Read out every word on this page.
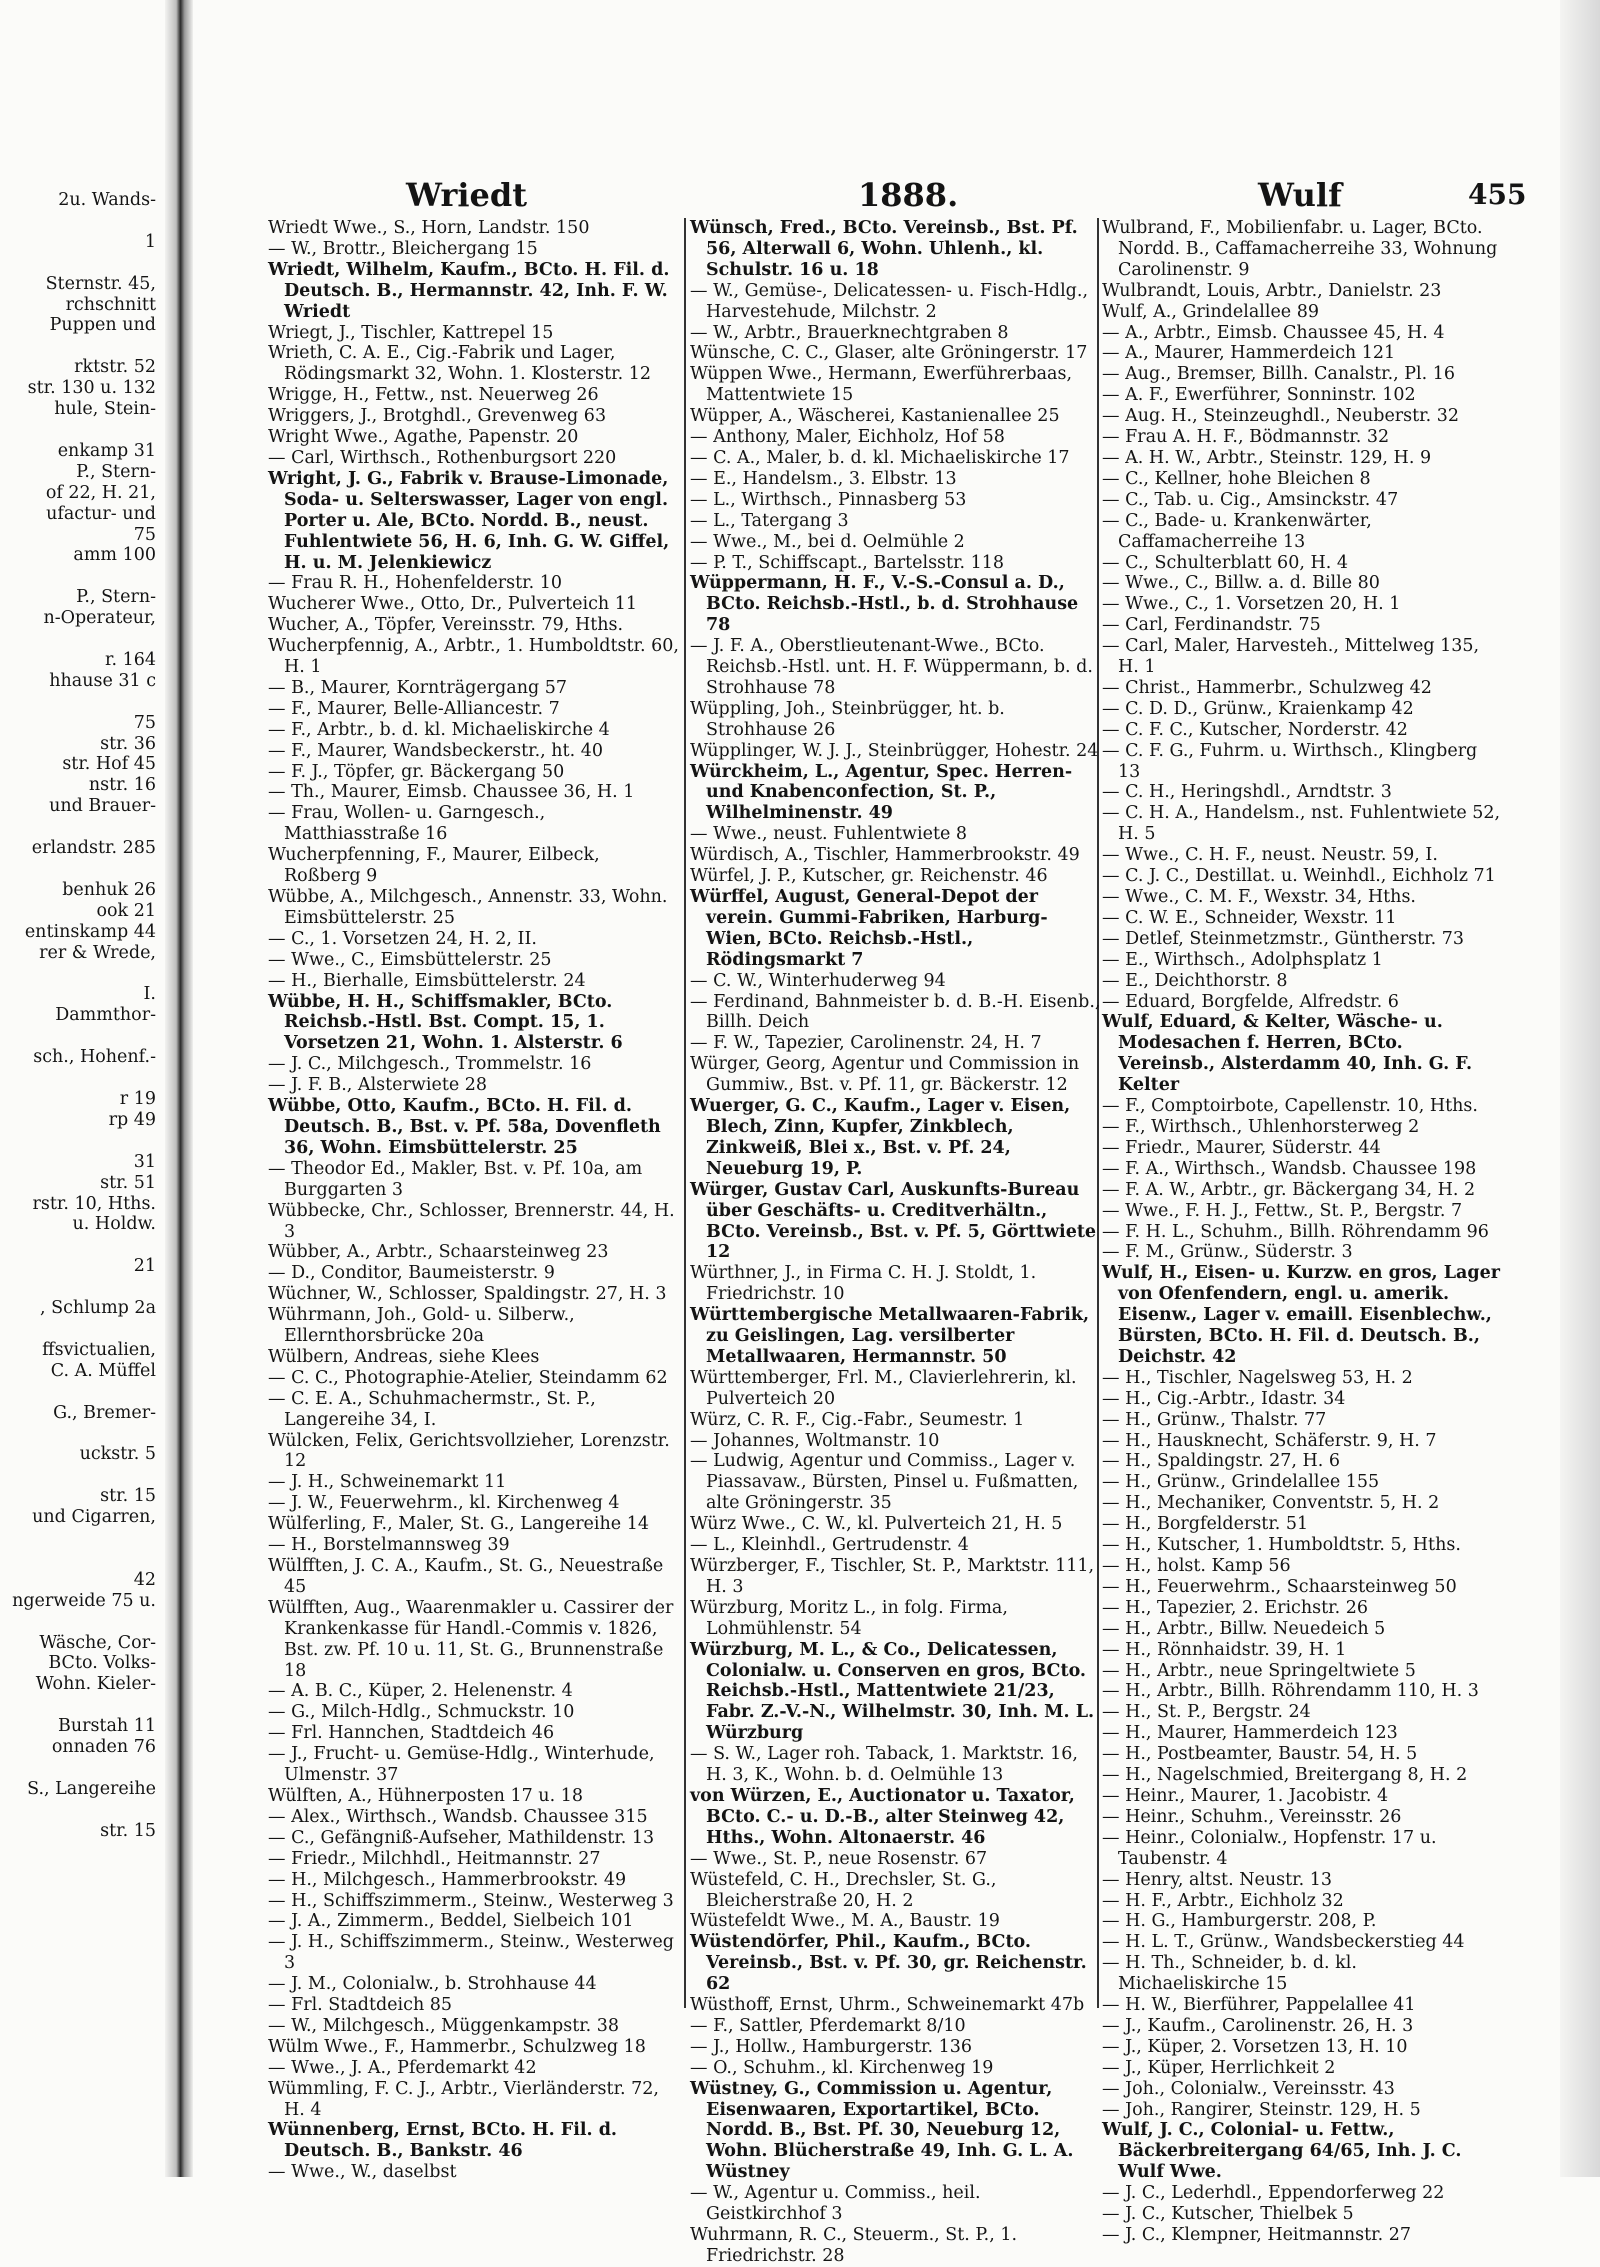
2u. Wands-

1

Sternstr. 45,
rchschnitt
Puppen und

rktstr. 52
str. 130 u. 132
hule, Stein-

enkamp 31
P., Stern-
of 22, H. 21,
ufactur- und
75
amm 100

P., Stern-
n-Operateur,

r. 164
hhause 31 c

75
str. 36
str. Hof 45
nstr. 16
und Brauer-

erlandstr. 285

benhuk 26
ook 21
entinskamp 44
rer & Wrede,

I.
Dammthor-

sch., Hohenf.-

r 19
rp 49

31
str. 51
rstr. 10, Hths.
u. Holdw.

21

, Schlump 2a

ffsvictualien,
C. A. Müffel

G., Bremer-

uckstr. 5

str. 15
und Cigarren,

42
ngerweide 75 u.

Wäsche, Cor-
BCto. Volks-
Wohn. Kieler-

Burstah 11
onnaden 76

S., Langereihe

str. 15
Wriedt	1888.	Wulf	455

Wriedt Wwe., S., Horn, Landstr. 150

— W., Brottr., Bleichergang 15

Wriedt, Wilhelm, Kaufm., BCto. H. Fil. d. Deutsch. B., Hermannstr. 42, Inh. F. W. Wriedt

Wriegt, J., Tischler, Kattrepel 15

Wrieth, C. A. E., Cig.-Fabrik und Lager, Rödingsmarkt 32, Wohn. 1. Klosterstr. 12

Wrigge, H., Fettw., nst. Neuerweg 26

Wriggers, J., Brotghdl., Grevenweg 63

Wright Wwe., Agathe, Papenstr. 20

— Carl, Wirthsch., Rothenburgsort 220

Wright, J. G., Fabrik v. Brause-Limonade, Soda- u. Selterswasser, Lager von engl. Porter u. Ale, BCto. Nordd. B., neust. Fuhlentwiete 56, H. 6, Inh. G. W. Giffel, H. u. M. Jelenkiewicz

— Frau R. H., Hohenfelderstr. 10

Wucherer Wwe., Otto, Dr., Pulverteich 11

Wucher, A., Töpfer, Vereinsstr. 79, Hths.

Wucherpfennig, A., Arbtr., 1. Humboldtstr. 60, H. 1

— B., Maurer, Kornträgergang 57

— F., Maurer, Belle-Alliancestr. 7

— F., Arbtr., b. d. kl. Michaeliskirche 4

— F., Maurer, Wandsbeckerstr., ht. 40

— F. J., Töpfer, gr. Bäckergang 50

— Th., Maurer, Eimsb. Chaussee 36, H. 1

— Frau, Wollen- u. Garngesch., Matthiasstraße 16

Wucherpfenning, F., Maurer, Eilbeck, Roßberg 9

Wübbe, A., Milchgesch., Annenstr. 33, Wohn. Eimsbüttelerstr. 25

— C., 1. Vorsetzen 24, H. 2, II.

— Wwe., C., Eimsbüttelerstr. 25

— H., Bierhalle, Eimsbüttelerstr. 24

Wübbe, H. H., Schiffsmakler, BCto. Reichsb.-Hstl. Bst. Compt. 15, 1. Vorsetzen 21, Wohn. 1. Alsterstr. 6

— J. C., Milchgesch., Trommelstr. 16

— J. F. B., Alsterwiete 28

Wübbe, Otto, Kaufm., BCto. H. Fil. d. Deutsch. B., Bst. v. Pf. 58a, Dovenfleth 36, Wohn. Eimsbüttelerstr. 25

— Theodor Ed., Makler, Bst. v. Pf. 10a, am Burggarten 3

Wübbecke, Chr., Schlosser, Brennerstr. 44, H. 3

Wübber, A., Arbtr., Schaarsteinweg 23

— D., Conditor, Baumeisterstr. 9

Wüchner, W., Schlosser, Spaldingstr. 27, H. 3

Wührmann, Joh., Gold- u. Silberw., Ellernthorsbrücke 20a

Wülbern, Andreas, siehe Klees

— C. C., Photographie-Atelier, Steindamm 62

— C. E. A., Schuhmachermstr., St. P., Langereihe 34, I.

Wülcken, Felix, Gerichtsvollzieher, Lorenzstr. 12

— J. H., Schweinemarkt 11

— J. W., Feuerwehrm., kl. Kirchenweg 4

Wülferling, F., Maler, St. G., Langereihe 14

— H., Borstelmannsweg 39

Wülfften, J. C. A., Kaufm., St. G., Neuestraße 45

Wülfften, Aug., Waarenmakler u. Cassirer der Krankenkasse für Handl.-Commis v. 1826, Bst. zw. Pf. 10 u. 11, St. G., Brunnenstraße 18

— A. B. C., Küper, 2. Helenenstr. 4

— G., Milch-Hdlg., Schmuckstr. 10

— Frl. Hannchen, Stadtdeich 46

— J., Frucht- u. Gemüse-Hdlg., Winterhude, Ulmenstr. 37

Wülften, A., Hühnerposten 17 u. 18

— Alex., Wirthsch., Wandsb. Chaussee 315

— C., Gefängniß-Aufseher, Mathildenstr. 13

— Friedr., Milchhdl., Heitmannstr. 27

— H., Milchgesch., Hammerbrookstr. 49

— H., Schiffszimmerm., Steinw., Westerweg 3

— J. A., Zimmerm., Beddel, Sielbeich 101

— J. H., Schiffszimmerm., Steinw., Westerweg 3

— J. M., Colonialw., b. Strohhause 44

— Frl. Stadtdeich 85

— W., Milchgesch., Müggenkampstr. 38

Wülm Wwe., F., Hammerbr., Schulzweg 18

— Wwe., J. A., Pferdemarkt 42

Wümmling, F. C. J., Arbtr., Vierländerstr. 72, H. 4

Wünnenberg, Ernst, BCto. H. Fil. d. Deutsch. B., Bankstr. 46

— Wwe., W., daselbst

Wünsch, Fred., BCto. Vereinsb., Bst. Pf. 56, Alterwall 6, Wohn. Uhlenh., kl. Schulstr. 16 u. 18

— W., Gemüse-, Delicatessen- u. Fisch-Hdlg., Harvestehude, Milchstr. 2

— W., Arbtr., Brauerknechtgraben 8

Wünsche, C. C., Glaser, alte Gröningerstr. 17

Wüppen Wwe., Hermann, Ewerführerbaas, Mattentwiete 15

Wüpper, A., Wäscherei, Kastanienallee 25

— Anthony, Maler, Eichholz, Hof 58

— C. A., Maler, b. d. kl. Michaeliskirche 17

— E., Handelsm., 3. Elbstr. 13

— L., Wirthsch., Pinnasberg 53

— L., Tatergang 3

— Wwe., M., bei d. Oelmühle 2

— P. T., Schiffscapt., Bartelsstr. 118

Wüppermann, H. F., V.-S.-Consul a. D., BCto. Reichsb.-Hstl., b. d. Strohhause 78

— J. F. A., Oberstlieutenant-Wwe., BCto. Reichsb.-Hstl. unt. H. F. Wüppermann, b. d. Strohhause 78

Wüppling, Joh., Steinbrügger, ht. b. Strohhause 26

Wüpplinger, W. J. J., Steinbrügger, Hohestr. 24

Würckheim, L., Agentur, Spec. Herren- und Knabenconfection, St. P., Wilhelminenstr. 49

— Wwe., neust. Fuhlentwiete 8

Würdisch, A., Tischler, Hammerbrookstr. 49

Würfel, J. P., Kutscher, gr. Reichenstr. 46

Würffel, August, General-Depot der verein. Gummi-Fabriken, Harburg-Wien, BCto. Reichsb.-Hstl., Rödingsmarkt 7

— C. W., Winterhuderweg 94

— Ferdinand, Bahnmeister b. d. B.-H. Eisenb., Billh. Deich

— F. W., Tapezier, Carolinenstr. 24, H. 7

Würger, Georg, Agentur und Commission in Gummiw., Bst. v. Pf. 11, gr. Bäckerstr. 12

Wuerger, G. C., Kaufm., Lager v. Eisen, Blech, Zinn, Kupfer, Zinkblech, Zinkweiß, Blei x., Bst. v. Pf. 24, Neueburg 19, P.

Würger, Gustav Carl, Auskunfts-Bureau über Geschäfts- u. Creditverhältn., BCto. Vereinsb., Bst. v. Pf. 5, Görttwiete 12

Würthner, J., in Firma C. H. J. Stoldt, 1. Friedrichstr. 10

Württembergische Metallwaaren-Fabrik, zu Geislingen, Lag. versilberter Metallwaaren, Hermannstr. 50

Württemberger, Frl. M., Clavierlehrerin, kl. Pulverteich 20

Würz, C. R. F., Cig.-Fabr., Seumestr. 1

— Johannes, Woltmanstr. 10

— Ludwig, Agentur und Commiss., Lager v. Piassavaw., Bürsten, Pinsel u. Fußmatten, alte Gröningerstr. 35

Würz Wwe., C. W., kl. Pulverteich 21, H. 5

— L., Kleinhdl., Gertrudenstr. 4

Würzberger, F., Tischler, St. P., Marktstr. 111, H. 3

Würzburg, Moritz L., in folg. Firma, Lohmühlenstr. 54

Würzburg, M. L., & Co., Delicatessen, Colonialw. u. Conserven en gros, BCto. Reichsb.-Hstl., Mattentwiete 21/23, Fabr. Z.-V.-N., Wilhelmstr. 30, Inh. M. L. Würzburg

— S. W., Lager roh. Taback, 1. Marktstr. 16, H. 3, K., Wohn. b. d. Oelmühle 13

von Würzen, E., Auctionator u. Taxator, BCto. C.- u. D.-B., alter Steinweg 42, Hths., Wohn. Altonaerstr. 46

— Wwe., St. P., neue Rosenstr. 67

Wüstefeld, C. H., Drechsler, St. G., Bleicherstraße 20, H. 2

Wüstefeldt Wwe., M. A., Baustr. 19

Wüstendörfer, Phil., Kaufm., BCto. Vereinsb., Bst. v. Pf. 30, gr. Reichenstr. 62

Wüsthoff, Ernst, Uhrm., Schweinemarkt 47b

— F., Sattler, Pferdemarkt 8/10

— J., Hollw., Hamburgerstr. 136

— O., Schuhm., kl. Kirchenweg 19

Wüstney, G., Commission u. Agentur, Eisenwaaren, Exportartikel, BCto. Nordd. B., Bst. Pf. 30, Neueburg 12, Wohn. Blücherstraße 49, Inh. G. L. A. Wüstney

— W., Agentur u. Commiss., heil. Geistkirchhof 3

Wuhrmann, R. C., Steuerm., St. P., 1. Friedrichstr. 28

Wulbrand, F., Mobilienfabr. u. Lager, BCto. Nordd. B., Caffamacherreihe 33, Wohnung Carolinenstr. 9

Wulbrandt, Louis, Arbtr., Danielstr. 23

Wulf, A., Grindelallee 89

— A., Arbtr., Eimsb. Chaussee 45, H. 4

— A., Maurer, Hammerdeich 121

— Aug., Bremser, Billh. Canalstr., Pl. 16

— A. F., Ewerführer, Sonninstr. 102

— Aug. H., Steinzeughdl., Neuberstr. 32

— Frau A. H. F., Bödmannstr. 32

— A. H. W., Arbtr., Steinstr. 129, H. 9

— C., Kellner, hohe Bleichen 8

— C., Tab. u. Cig., Amsinckstr. 47

— C., Bade- u. Krankenwärter, Caffamacherreihe 13

— C., Schulterblatt 60, H. 4

— Wwe., C., Billw. a. d. Bille 80

— Wwe., C., 1. Vorsetzen 20, H. 1

— Carl, Ferdinandstr. 75

— Carl, Maler, Harvesteh., Mittelweg 135, H. 1

— Christ., Hammerbr., Schulzweg 42

— C. D. D., Grünw., Kraienkamp 42

— C. F. C., Kutscher, Norderstr. 42

— C. F. G., Fuhrm. u. Wirthsch., Klingberg 13

— C. H., Heringshdl., Arndtstr. 3

— C. H. A., Handelsm., nst. Fuhlentwiete 52, H. 5

— Wwe., C. H. F., neust. Neustr. 59, I.

— C. J. C., Destillat. u. Weinhdl., Eichholz 71

— Wwe., C. M. F., Wexstr. 34, Hths.

— C. W. E., Schneider, Wexstr. 11

— Detlef, Steinmetzmstr., Güntherstr. 73

— E., Wirthsch., Adolphsplatz 1

— E., Deichthorstr. 8

— Eduard, Borgfelde, Alfredstr. 6

Wulf, Eduard, & Kelter, Wäsche- u. Modesachen f. Herren, BCto. Vereinsb., Alsterdamm 40, Inh. G. F. Kelter

— F., Comptoirbote, Capellenstr. 10, Hths.

— F., Wirthsch., Uhlenhorsterweg 2

— Friedr., Maurer, Süderstr. 44

— F. A., Wirthsch., Wandsb. Chaussee 198

— F. A. W., Arbtr., gr. Bäckergang 34, H. 2

— Wwe., F. H. J., Fettw., St. P., Bergstr. 7

— F. H. L., Schuhm., Billh. Röhrendamm 96

— F. M., Grünw., Süderstr. 3

Wulf, H., Eisen- u. Kurzw. en gros, Lager von Ofenfendern, engl. u. amerik. Eisenw., Lager v. emaill. Eisenblechw., Bürsten, BCto. H. Fil. d. Deutsch. B., Deichstr. 42

— H., Tischler, Nagelsweg 53, H. 2

— H., Cig.-Arbtr., Idastr. 34

— H., Grünw., Thalstr. 77

— H., Hausknecht, Schäferstr. 9, H. 7

— H., Spaldingstr. 27, H. 6

— H., Grünw., Grindelallee 155

— H., Mechaniker, Conventstr. 5, H. 2

— H., Borgfelderstr. 51

— H., Kutscher, 1. Humboldtstr. 5, Hths.

— H., holst. Kamp 56

— H., Feuerwehrm., Schaarsteinweg 50

— H., Tapezier, 2. Erichstr. 26

— H., Arbtr., Billw. Neuedeich 5

— H., Rönnhaidstr. 39, H. 1

— H., Arbtr., neue Springeltwiete 5

— H., Arbtr., Billh. Röhrendamm 110, H. 3

— H., St. P., Bergstr. 24

— H., Maurer, Hammerdeich 123

— H., Postbeamter, Baustr. 54, H. 5

— H., Nagelschmied, Breitergang 8, H. 2

— Heinr., Maurer, 1. Jacobistr. 4

— Heinr., Schuhm., Vereinsstr. 26

— Heinr., Colonialw., Hopfenstr. 17 u. Taubenstr. 4

— Henry, altst. Neustr. 13

— H. F., Arbtr., Eichholz 32

— H. G., Hamburgerstr. 208, P.

— H. L. T., Grünw., Wandsbeckerstieg 44

— H. Th., Schneider, b. d. kl. Michaeliskirche 15

— H. W., Bierführer, Pappelallee 41

— J., Kaufm., Carolinenstr. 26, H. 3

— J., Küper, 2. Vorsetzen 13, H. 10

— J., Küper, Herrlichkeit 2

— Joh., Colonialw., Vereinsstr. 43

— Joh., Rangirer, Steinstr. 129, H. 5

Wulf, J. C., Colonial- u. Fettw., Bäckerbreitergang 64/65, Inh. J. C. Wulf Wwe.

— J. C., Lederhdl., Eppendorferweg 22

— J. C., Kutscher, Thielbek 5

— J. C., Klempner, Heitmannstr. 27
